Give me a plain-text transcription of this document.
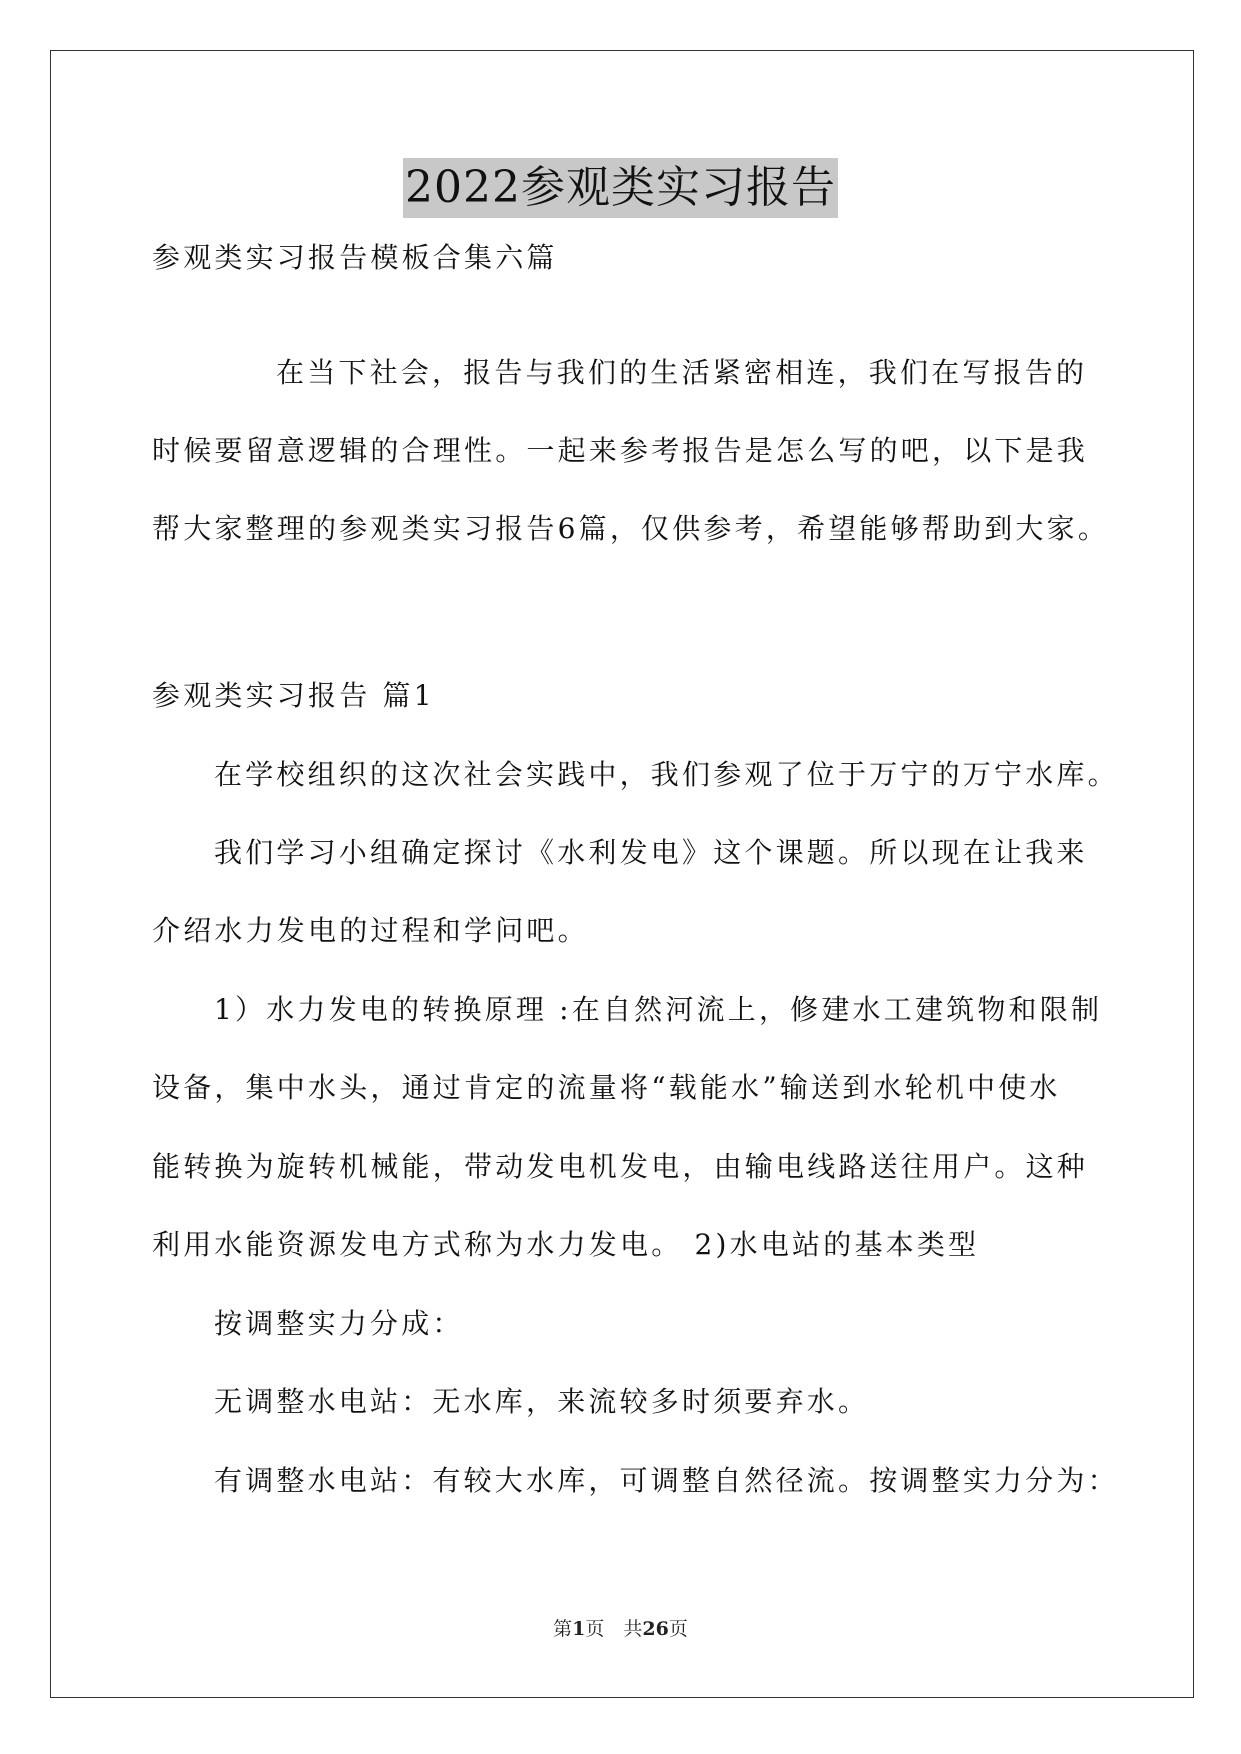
2022参观类实习报告
参观类实习报告模板合集六篇
在当下社会，报告与我们的生活紧密相连，我们在写报告的
时候要留意逻辑的合理性。一起来参考报告是怎么写的吧，以下是我
帮大家整理的参观类实习报告6篇，仅供参考，希望能够帮助到大家。
参观类实习报告 篇1
在学校组织的这次社会实践中，我们参观了位于万宁的万宁水库。
我们学习小组确定探讨《水利发电》这个课题。所以现在让我来
介绍水力发电的过程和学问吧。
1）水力发电的转换原理 :在自然河流上，修建水工建筑物和限制
设备，集中水头，通过肯定的流量将“载能水”输送到水轮机中使水
能转换为旋转机械能，带动发电机发电，由输电线路送往用户。这种
利用水能资源发电方式称为水力发电。 2)水电站的基本类型
按调整实力分成：
无调整水电站：无水库，来流较多时须要弃水。
有调整水电站：有较大水库，可调整自然径流。按调整实力分为：
第1页　共26页
